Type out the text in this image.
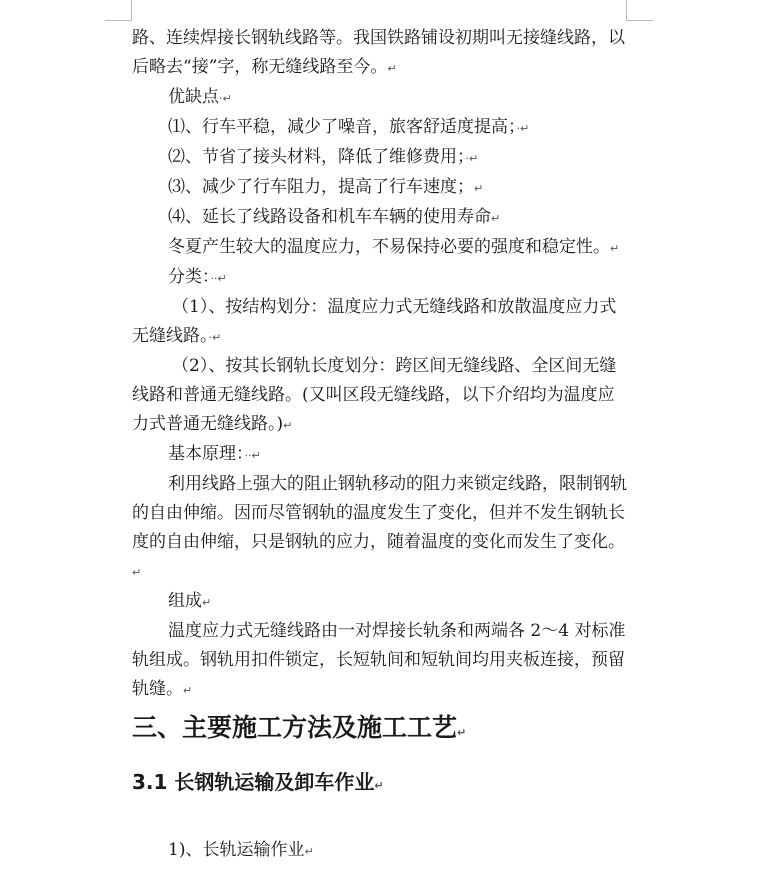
路、连续焊接长钢轨线路等。我国铁路铺设初期叫无接缝线路，以后略去“接”字，称无缝线路至今。↵

优缺点·↵

⑴、行车平稳，减少了噪音，旅客舒适度提高；·↵

⑵、节省了接头材料，降低了维修费用；·↵

⑶、减少了行车阻力，提高了行车速度；↵

⑷、延长了线路设备和机车车辆的使用寿命↵

冬夏产生较大的温度应力，不易保持必要的强度和稳定性。↵

分类：··↵

（1）、按结构划分：温度应力式无缝线路和放散温度应力式无缝线路。·↵

（2）、按其长钢轨长度划分：跨区间无缝线路、全区间无缝线路和普通无缝线路。(又叫区段无缝线路，以下介绍均为温度应力式普通无缝线路。)↵

基本原理：··↵

利用线路上强大的阻止钢轨移动的阻力来锁定线路，限制钢轨的自由伸缩。因而尽管钢轨的温度发生了变化，但并不发生钢轨长度的自由伸缩，只是钢轨的应力，随着温度的变化而发生了变化。↵

组成↵

温度应力式无缝线路由一对焊接长轨条和两端各 2～4 对标准轨组成。钢轨用扣件锁定，长短轨间和短轨间均用夹板连接，预留轨缝。↵

三、主要施工方法及施工工艺↵
3.1 长钢轨运输及卸车作业↵

1)、长轨运输作业↵
